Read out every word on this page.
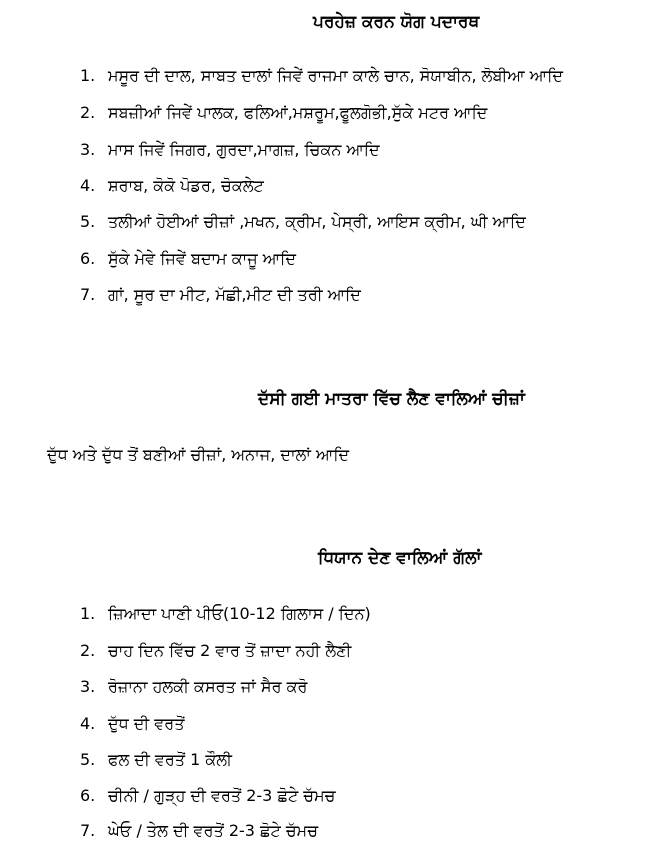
ਪਰਹੇਜ਼ ਕਰਨ ਯੋਗ ਪਦਾਰਥ
1. ਮਸੂਰ ਦੀ ਦਾਲ, ਸਾਬਤ ਦਾਲਾਂ ਜਿਵੇਂ ਰਾਜਮਾ ਕਾਲੇ ਚਾਨ, ਸੋਯਾਬੀਨ, ਲੋਬੀਆ ਆਦਿ
2. ਸਬਜ਼ੀਆਂ ਜਿਵੇਂ ਪਾਲਕ, ਫਲਿਆਂ,ਮਸ਼ਰੂਮ,ਫੂਲਗੋਭੀ,ਸੁੱਕੇ ਮਟਰ ਆਦਿ
3. ਮਾਸ ਜਿਵੇਂ ਜਿਗਰ, ਗੁਰਦਾ,ਮਾਗਜ਼, ਚਿਕਨ ਆਦਿ
4. ਸ਼ਰਾਬ, ਕੋਕੋ ਪੋਡਰ, ਚੋਕਲੇਟ
5. ਤਲੀਆਂ ਹੋਈਆਂ ਚੀਜ਼ਾਂ ,ਮਖਨ, ਕ੍ਰੀਮ, ਪੇਸ੍ਰੀ, ਆਇਸ ਕ੍ਰੀਮ, ਘੀ ਆਦਿ
6. ਸੁੱਕੇ ਮੇਵੇ ਜਿਵੇਂ ਬਦਾਮ ਕਾਜੂ ਆਦਿ
7. ਗਾਂ, ਸੂਰ ਦਾ ਮੀਟ, ਮੱਛੀ,ਮੀਟ ਦੀ ਤਰੀ ਆਦਿ
ਦੱਸੀ ਗਈ ਮਾਤਰਾ ਵਿੱਚ ਲੈਣ ਵਾਲਿਆਂ ਚੀਜ਼ਾਂ
ਦੁੱਧ ਅਤੇ ਦੁੱਧ ਤੋਂ ਬਣੀਆਂ ਚੀਜ਼ਾਂ, ਅਨਾਜ, ਦਾਲਾਂ ਆਦਿ
ਧਿਯਾਨ ਦੇਣ ਵਾਲਿਆਂ ਗੱਲਾਂ
1. ਜ਼ਿਆਦਾ ਪਾਣੀ ਪੀਓ(10-12 ਗਿਲਾਸ / ਦਿਨ)
2. ਚਾਹ ਦਿਨ ਵਿੱਚ 2 ਵਾਰ ਤੋਂ ਜ਼ਾਦਾ ਨਹੀ ਲੈਣੀ
3. ਰੋਜ਼ਾਨਾ ਹਲਕੀ ਕਸਰਤ ਜਾਂ ਸੈਰ ਕਰੋ
4. ਦੁੱਧ ਦੀ ਵਰਤੋਂ
5. ਫਲ ਦੀ ਵਰਤੋਂ 1 ਕੌਲੀ
6. ਚੀਨੀ / ਗੁੜ੍ਹ ਦੀ ਵਰਤੋਂ 2-3 ਛੋਟੇ ਚੱਮਚ
7. ਘੇਓ / ਤੇਲ ਦੀ ਵਰਤੋਂ 2-3 ਛੋਟੇ ਚੱਮਚ
